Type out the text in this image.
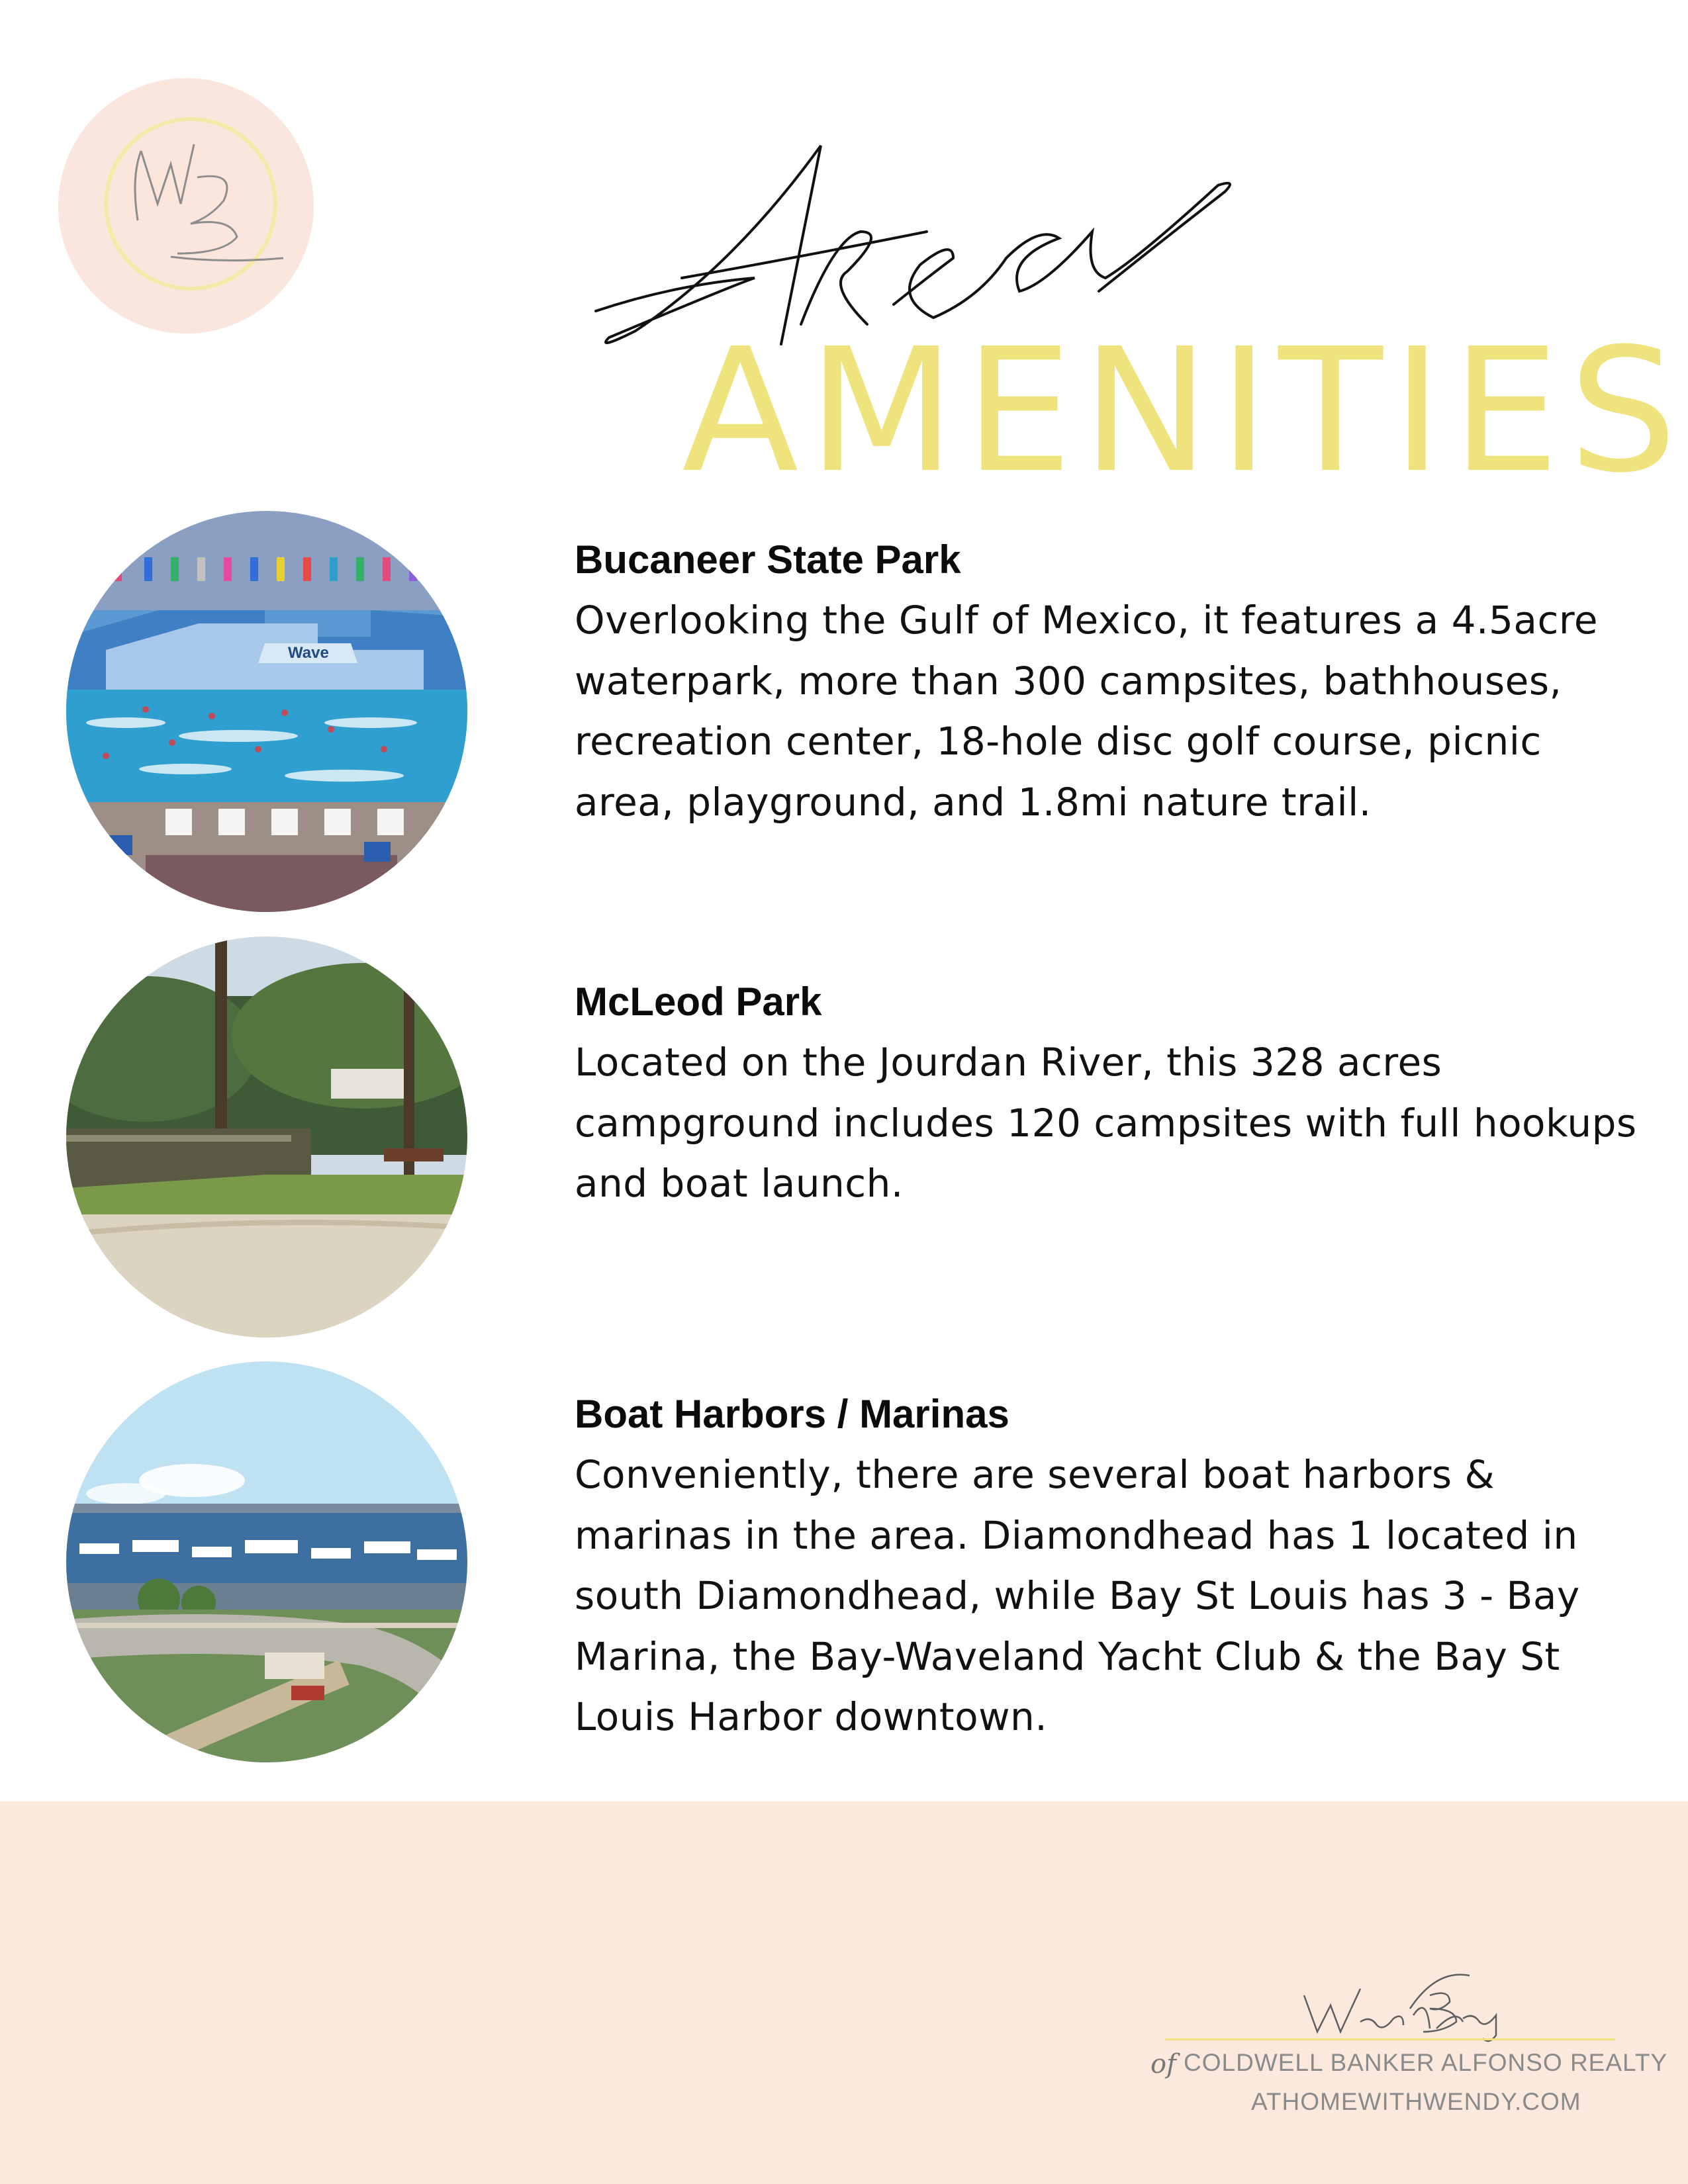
AMENITIES
Wave
Bucaneer State Park

Overlooking the Gulf of Mexico, it features a 4.5acre waterpark, more than 300 campsites, bathhouses, recreation center, 18-hole disc golf course, picnic area, playground, and 1.8mi nature trail.

McLeod Park

Located on the Jourdan River, this 328 acres campground includes 120 campsites with full hookups and boat launch.

Boat Harbors / Marinas

Conveniently, there are several boat harbors & marinas in the area. Diamondhead has 1 located in south Diamondhead, while Bay St Louis has 3 - Bay Marina, the Bay-Waveland Yacht Club & the Bay St Louis Harbor downtown.

of COLDWELL BANKER ALFONSO REALTY

ATHOMEWITHWENDY.COM
